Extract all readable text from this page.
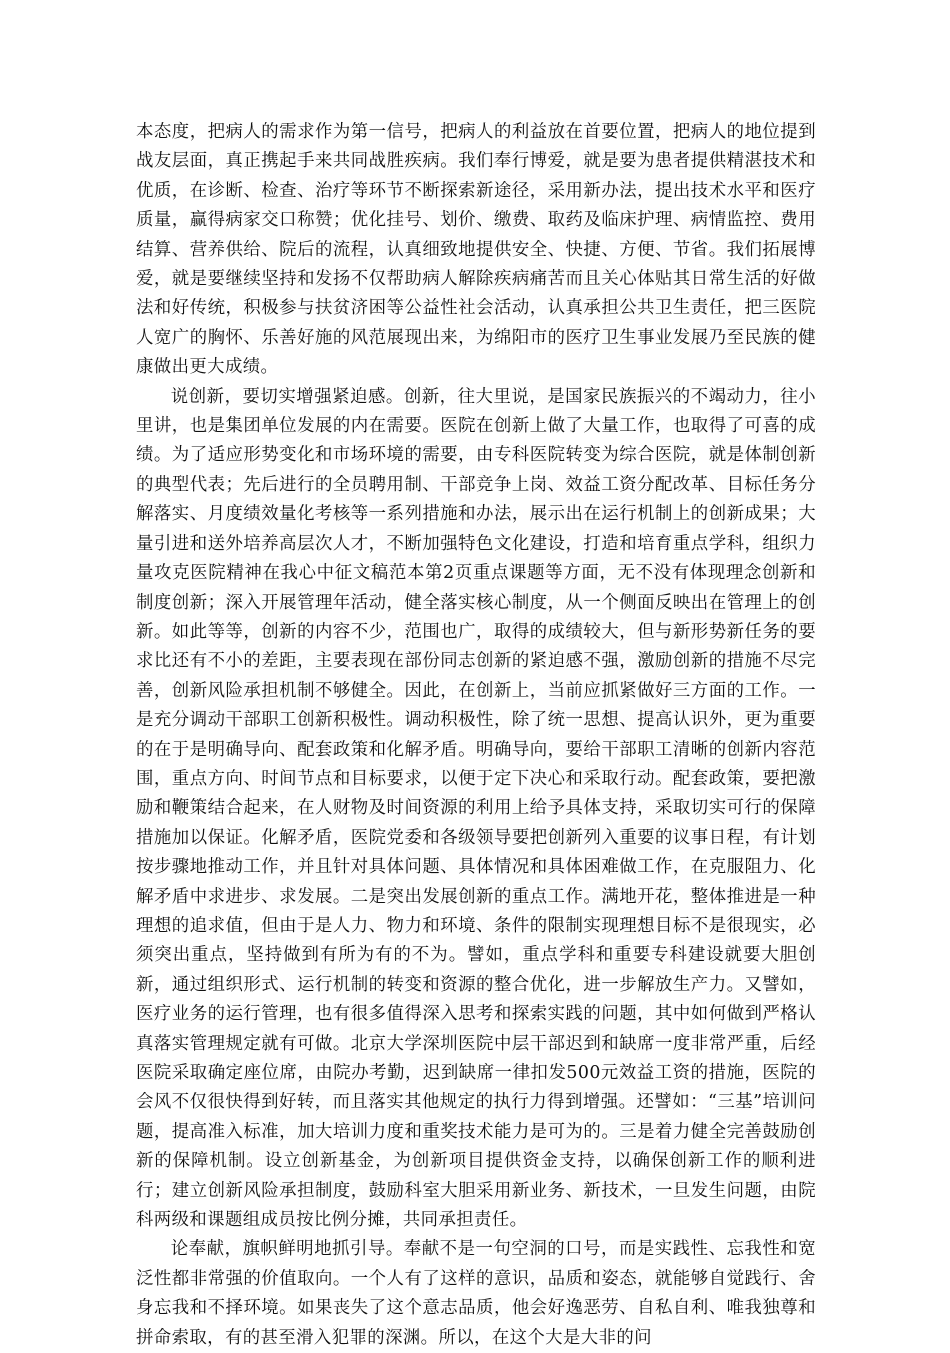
本态度，把病人的需求作为第一信号，把病人的利益放在首要位置，把病人的地位提到战友层面，真正携起手来共同战胜疾病。我们奉行博爱，就是要为患者提供精湛技术和优质，在诊断、检查、治疗等环节不断探索新途径，采用新办法，提出技术水平和医疗质量，赢得病家交口称赞；优化挂号、划价、缴费、取药及临床护理、病情监控、费用结算、营养供给、院后的流程，认真细致地提供安全、快捷、方便、节省。我们拓展博爱，就是要继续坚持和发扬不仅帮助病人解除疾病痛苦而且关心体贴其日常生活的好做法和好传统，积极参与扶贫济困等公益性社会活动，认真承担公共卫生责任，把三医院人宽广的胸怀、乐善好施的风范展现出来，为绵阳市的医疗卫生事业发展乃至民族的健康做出更大成绩。

说创新，要切实增强紧迫感。创新，往大里说，是国家民族振兴的不竭动力，往小里讲，也是集团单位发展的内在需要。医院在创新上做了大量工作，也取得了可喜的成绩。为了适应形势变化和市场环境的需要，由专科医院转变为综合医院，就是体制创新的典型代表；先后进行的全员聘用制、干部竞争上岗、效益工资分配改革、目标任务分解落实、月度绩效量化考核等一系列措施和办法，展示出在运行机制上的创新成果；大量引进和送外培养高层次人才，不断加强特色文化建设，打造和培育重点学科，组织力量攻克医院精神在我心中征文稿范本第2页重点课题等方面，无不没有体现理念创新和制度创新；深入开展管理年活动，健全落实核心制度，从一个侧面反映出在管理上的创新。如此等等，创新的内容不少，范围也广，取得的成绩较大，但与新形势新任务的要求比还有不小的差距，主要表现在部份同志创新的紧迫感不强，激励创新的措施不尽完善，创新风险承担机制不够健全。因此，在创新上，当前应抓紧做好三方面的工作。一是充分调动干部职工创新积极性。调动积极性，除了统一思想、提高认识外，更为重要的在于是明确导向、配套政策和化解矛盾。明确导向，要给干部职工清晰的创新内容范围，重点方向、时间节点和目标要求，以便于定下决心和采取行动。配套政策，要把激励和鞭策结合起来，在人财物及时间资源的利用上给予具体支持，采取切实可行的保障措施加以保证。化解矛盾，医院党委和各级领导要把创新列入重要的议事日程，有计划按步骤地推动工作，并且针对具体问题、具体情况和具体困难做工作，在克服阻力、化解矛盾中求进步、求发展。二是突出发展创新的重点工作。满地开花，整体推进是一种理想的追求值，但由于是人力、物力和环境、条件的限制实现理想目标不是很现实，必须突出重点，坚持做到有所为有的不为。譬如，重点学科和重要专科建设就要大胆创新，通过组织形式、运行机制的转变和资源的整合优化，进一步解放生产力。又譬如，医疗业务的运行管理，也有很多值得深入思考和探索实践的问题，其中如何做到严格认真落实管理规定就有可做。北京大学深圳医院中层干部迟到和缺席一度非常严重，后经医院采取确定座位席，由院办考勤，迟到缺席一律扣发500元效益工资的措施，医院的会风不仅很快得到好转，而且落实其他规定的执行力得到增强。还譬如：“三基”培训问题，提高准入标准，加大培训力度和重奖技术能力是可为的。三是着力健全完善鼓励创新的保障机制。设立创新基金，为创新项目提供资金支持，以确保创新工作的顺利进行；建立创新风险承担制度，鼓励科室大胆采用新业务、新技术，一旦发生问题，由院科两级和课题组成员按比例分摊，共同承担责任。

论奉献，旗帜鲜明地抓引导。奉献不是一句空洞的口号，而是实践性、忘我性和宽泛性都非常强的价值取向。一个人有了这样的意识，品质和姿态，就能够自觉践行、舍身忘我和不择环境。如果丧失了这个意志品质，他会好逸恶劳、自私自利、唯我独尊和拼命索取，有的甚至滑入犯罪的深渊。所以，在这个大是大非的问
